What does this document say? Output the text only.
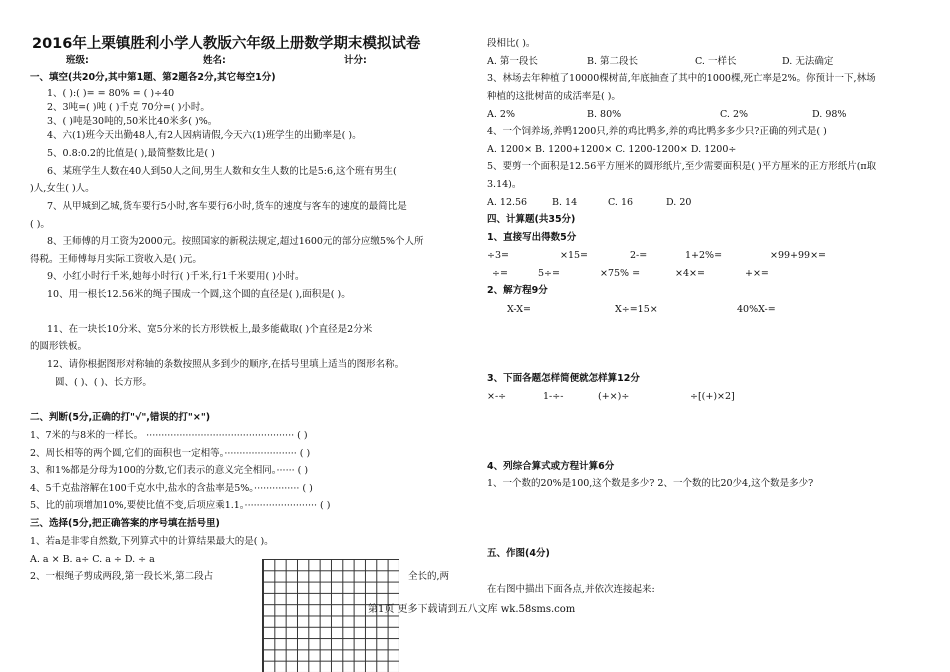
2016年上栗镇胜利小学人教版六年级上册数学期末模拟试卷
班级:	姓名:	计分:
一、填空(共20分,其中第1题、第2题各2分,其它每空1分)
1、( ):( )= = 80% = ( )÷40
2、3吨=( )吨 ( )千克 70分=( )小时。
3、( )吨是30吨的,50米比40米多( )%。
4、六(1)班今天出勤48人,有2人因病请假,今天六(1)班学生的出勤率是( )。
5、0.8:0.2的比值是( ),最简整数比是( )
6、某班学生人数在40人到50人之间,男生人数和女生人数的比是5:6,这个班有男生(
)人,女生( )人。
7、从甲城到乙城,货车要行5小时,客车要行6小时,货车的速度与客车的速度的最简比是
( )。
8、王师傅的月工资为2000元。按照国家的新税法规定,超过1600元的部分应缴5%个人所
得税。王师傅每月实际工资收入是( )元。
9、小红小时行千米,她每小时行( )千米,行1千米要用( )小时。
10、用一根长12.56米的绳子围成一个圆,这个圆的直径是( ),面积是( )。
11、在一块长10分米、宽5分米的长方形铁板上,最多能截取( )个直径是2分米
的圆形铁板。
12、请你根据图形对称轴的条数按照从多到少的顺序,在括号里填上适当的图形名称。
圆、( )、( )、长方形。
二、判断(5分,正确的打"√",错误的打"×")
1、7米的与8米的一样长。 ················································· ( )
2、周长相等的两个圆,它们的面积也一定相等。························ ( )
3、和1%都是分母为100的分数,它们表示的意义完全相同。······ ( )
4、5千克盐溶解在100千克水中,盐水的含盐率是5%。··············· ( )
5、比的前项增加10%,要使比值不变,后项应乘1.1。························ ( )
三、选择(5分,把正确答案的序号填在括号里)
1、若a是非零自然数,下列算式中的计算结果最大的是( )。
A. a × B. a÷ C. a ÷ D. ÷ a
2、一根绳子剪成两段,第一段长米,第二段占	全长的,两
段相比( )。
A. 第一段长	B. 第二段长	C. 一样长	D. 无法确定
3、林场去年种植了10000棵树苗,年底抽查了其中的1000棵,死亡率是2%。你预计一下,林场
种植的这批树苗的成活率是( )。
A. 2%	B. 80%	C. 2%	D. 98%
4、一个饲养场,养鸭1200只,养的鸡比鸭多,养的鸡比鸭多多少只?正确的列式是( )
A. 1200× B. 1200+1200× C. 1200-1200× D. 1200÷
5、要剪一个面积是12.56平方厘米的圆形纸片,至少需要面积是( )平方厘米的正方形纸片(π取
3.14)。
A. 12.56	B. 14	C. 16	D. 20
四、计算题(共35分)
1、直接写出得数5分
÷3=	×15=	2-=	1+2%=	×99+99×=
÷=	5÷=	×75% =	×4×=	+×=
2、解方程9分
X-X=	X÷=15×	40%X-=
3、下面各题怎样简便就怎样算12分
×-÷	1-÷-	(+×)÷	÷[(+)×2]
4、列综合算式或方程计算6分
1、一个数的20%是100,这个数是多少? 2、一个数的比20少4,这个数是多少?
五、作图(4分)
在右图中描出下面各点,并依次连接起来:
第1页 更多下载请到五八文库 wk.58sms.com
